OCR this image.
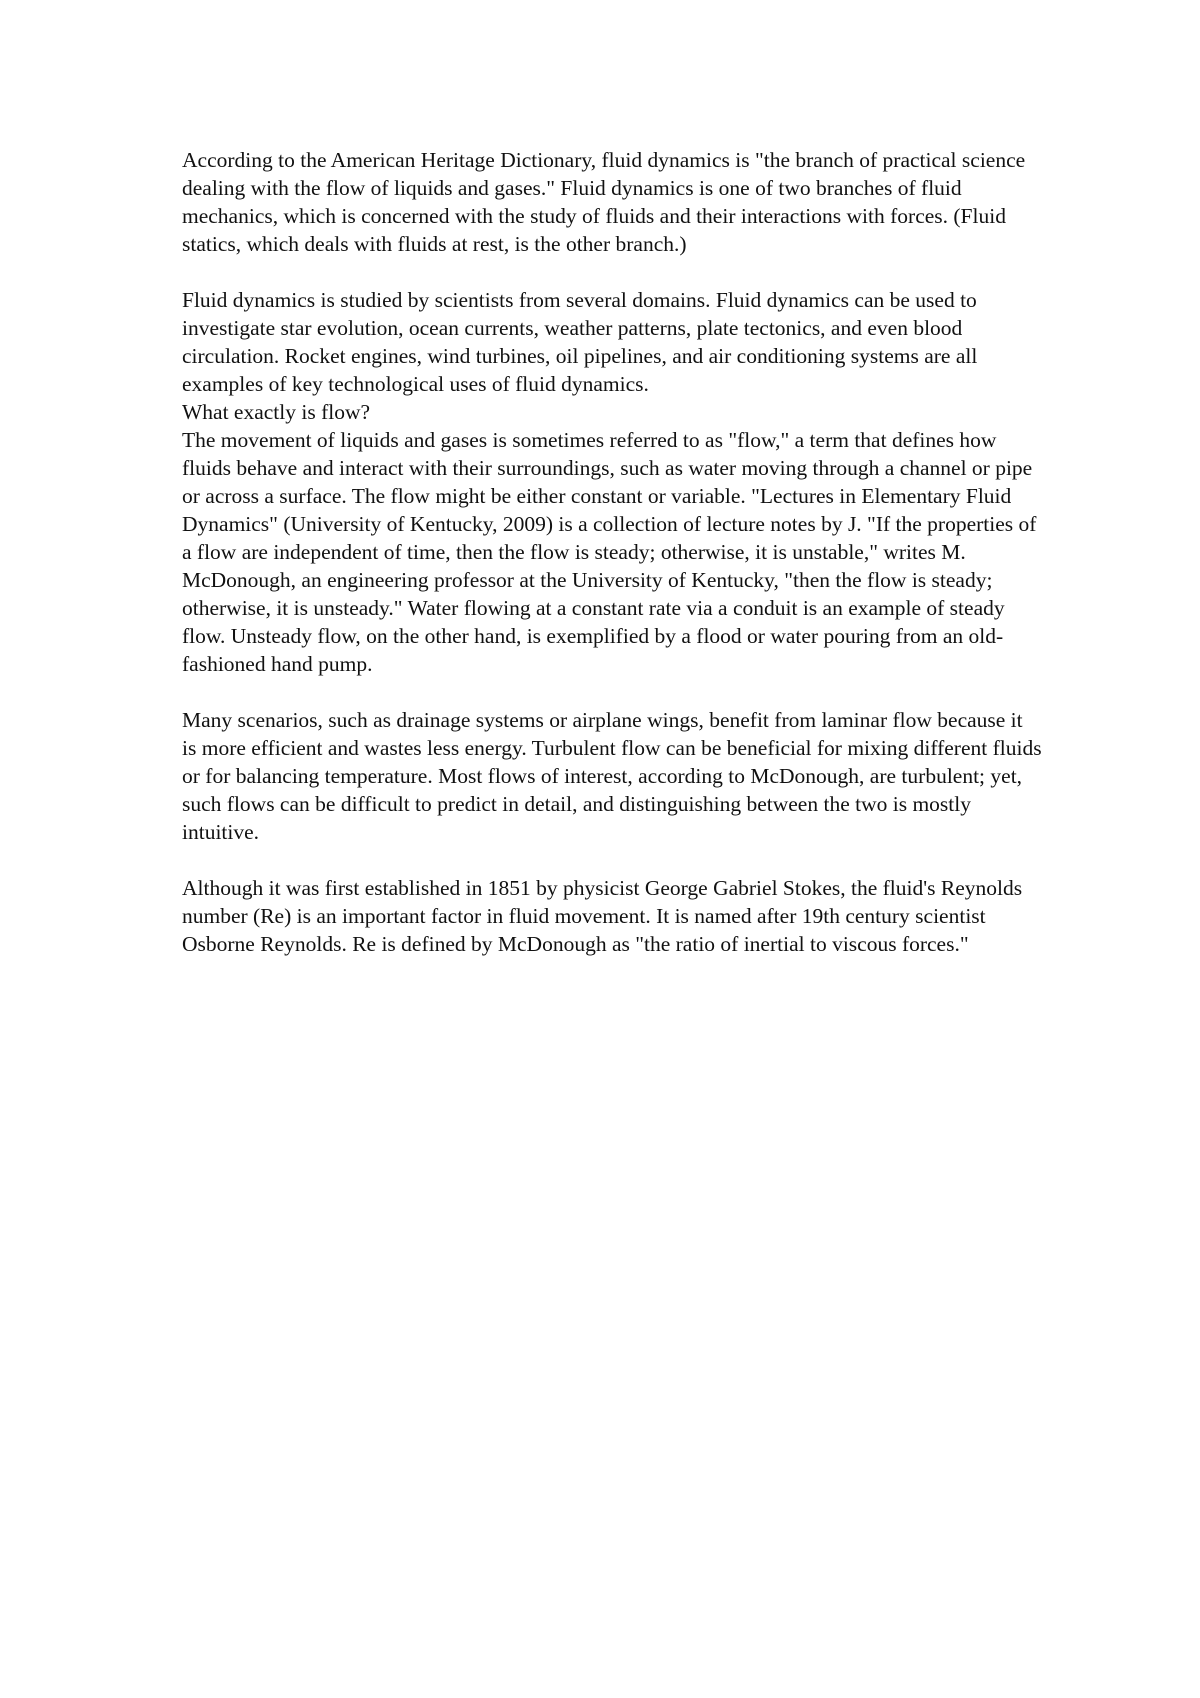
According to the American Heritage Dictionary, fluid dynamics is "the branch of practical science dealing with the flow of liquids and gases." Fluid dynamics is one of two branches of fluid mechanics, which is concerned with the study of fluids and their interactions with forces. (Fluid statics, which deals with fluids at rest, is the other branch.)

Fluid dynamics is studied by scientists from several domains. Fluid dynamics can be used to investigate star evolution, ocean currents, weather patterns, plate tectonics, and even blood circulation. Rocket engines, wind turbines, oil pipelines, and air conditioning systems are all examples of key technological uses of fluid dynamics.

What exactly is flow?

The movement of liquids and gases is sometimes referred to as "flow," a term that defines how fluids behave and interact with their surroundings, such as water moving through a channel or pipe or across a surface. The flow might be either constant or variable. "Lectures in Elementary Fluid Dynamics" (University of Kentucky, 2009) is a collection of lecture notes by J. "If the properties of a flow are independent of time, then the flow is steady; otherwise, it is unstable," writes M. McDonough, an engineering professor at the University of Kentucky, "then the flow is steady; otherwise, it is unsteady." Water flowing at a constant rate via a conduit is an example of steady flow. Unsteady flow, on the other hand, is exemplified by a flood or water pouring from an old-fashioned hand pump.

Many scenarios, such as drainage systems or airplane wings, benefit from laminar flow because it is more efficient and wastes less energy. Turbulent flow can be beneficial for mixing different fluids or for balancing temperature. Most flows of interest, according to McDonough, are turbulent; yet, such flows can be difficult to predict in detail, and distinguishing between the two is mostly intuitive.

Although it was first established in 1851 by physicist George Gabriel Stokes, the fluid's Reynolds number (Re) is an important factor in fluid movement. It is named after 19th century scientist Osborne Reynolds. Re is defined by McDonough as "the ratio of inertial to viscous forces."
